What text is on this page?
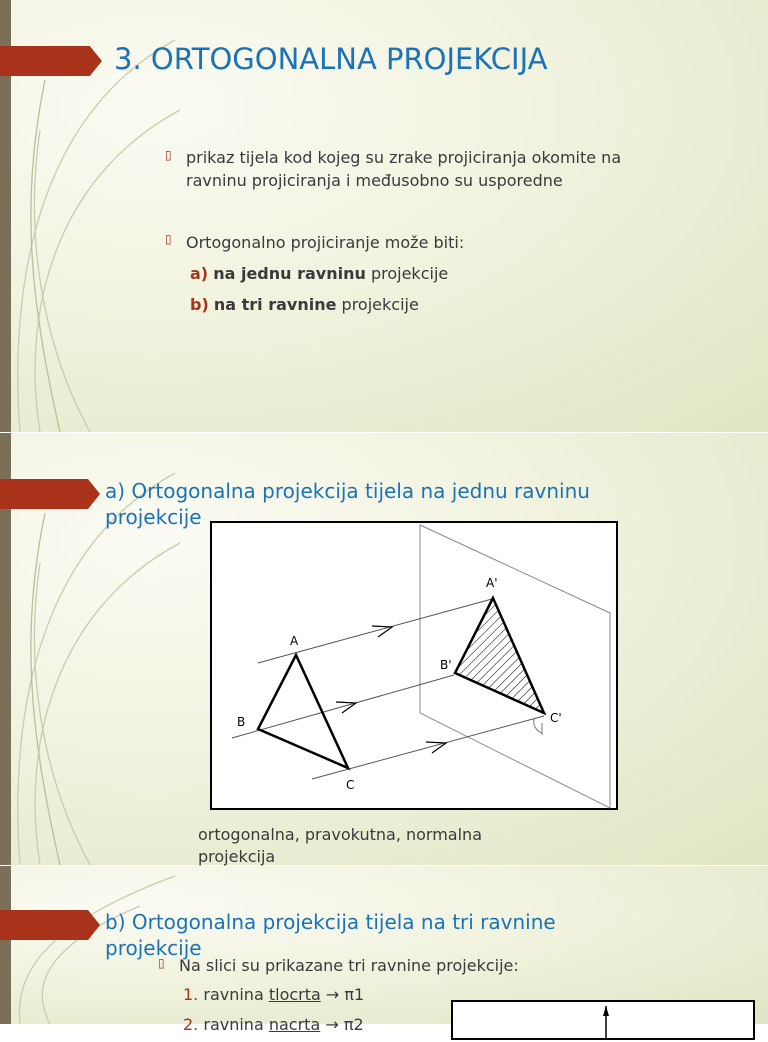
3. ORTOGONALNA PROJEKCIJA
▯ prikaz tijela kod kojeg su zrake projiciranja okomite na
ravninu projiciranja i međusobno su usporedne
▯ Ortogonalno projiciranje može biti:
a) na jednu ravninu projekcije
b) na tri ravnine projekcije
a) Ortogonalna projekcija tijela na jednu ravninu
projekcije
A
B
C
A'
B'
C'
ortogonalna, pravokutna, normalna
projekcija
b) Ortogonalna projekcija tijela na tri ravnine
projekcije
▯ Na slici su prikazane tri ravnine projekcije:
1. ravnina tlocrta → π1
2. ravnina nacrta → π2
